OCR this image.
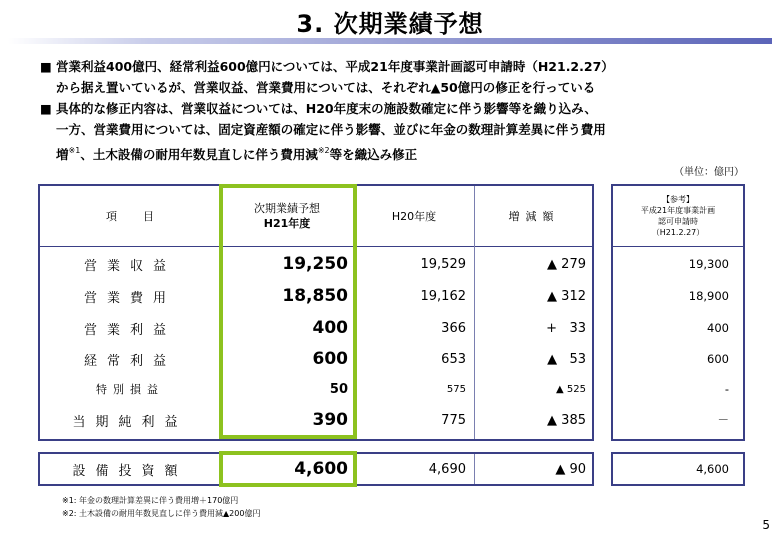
3. 次期業績予想
■ 営業利益400億円、経常利益600億円については、平成21年度事業計画認可申請時（H21.2.27）
から据え置いているが、営業収益、営業費用については、それぞれ▲50億円の修正を行っている
■ 具体的な修正内容は、営業収益については、H20年度末の施設数確定に伴う影響等を織り込み、
一方、営業費用については、固定資産額の確定に伴う影響、並びに年金の数理計算差異に伴う費用
増$^{※1}$、土木設備の耐用年数見直しに伴う費用減$^{※2}$等を織込み修正
（単位：億円）
項目
次期業績予想
H21年度
H20年度	増減額
【参考】
平成21年度事業計画
認可申請時
（H21.2.27）
営業収益	19,250	19,529	▲ 279	19,300
営業費用	18,850	19,162	▲ 312	18,900
営業利益	400	366	+   33	400
経常利益	600	653	▲   53	600
特別損益	50	575	▲ 525	-
当期純利益	390	775	▲ 385	－
設備投資額	4,600	4,690	▲ 90	4,600
※1: 年金の数理計算差異に伴う費用増＋170億円
※2: 土木設備の耐用年数見直しに伴う費用減▲200億円
5
